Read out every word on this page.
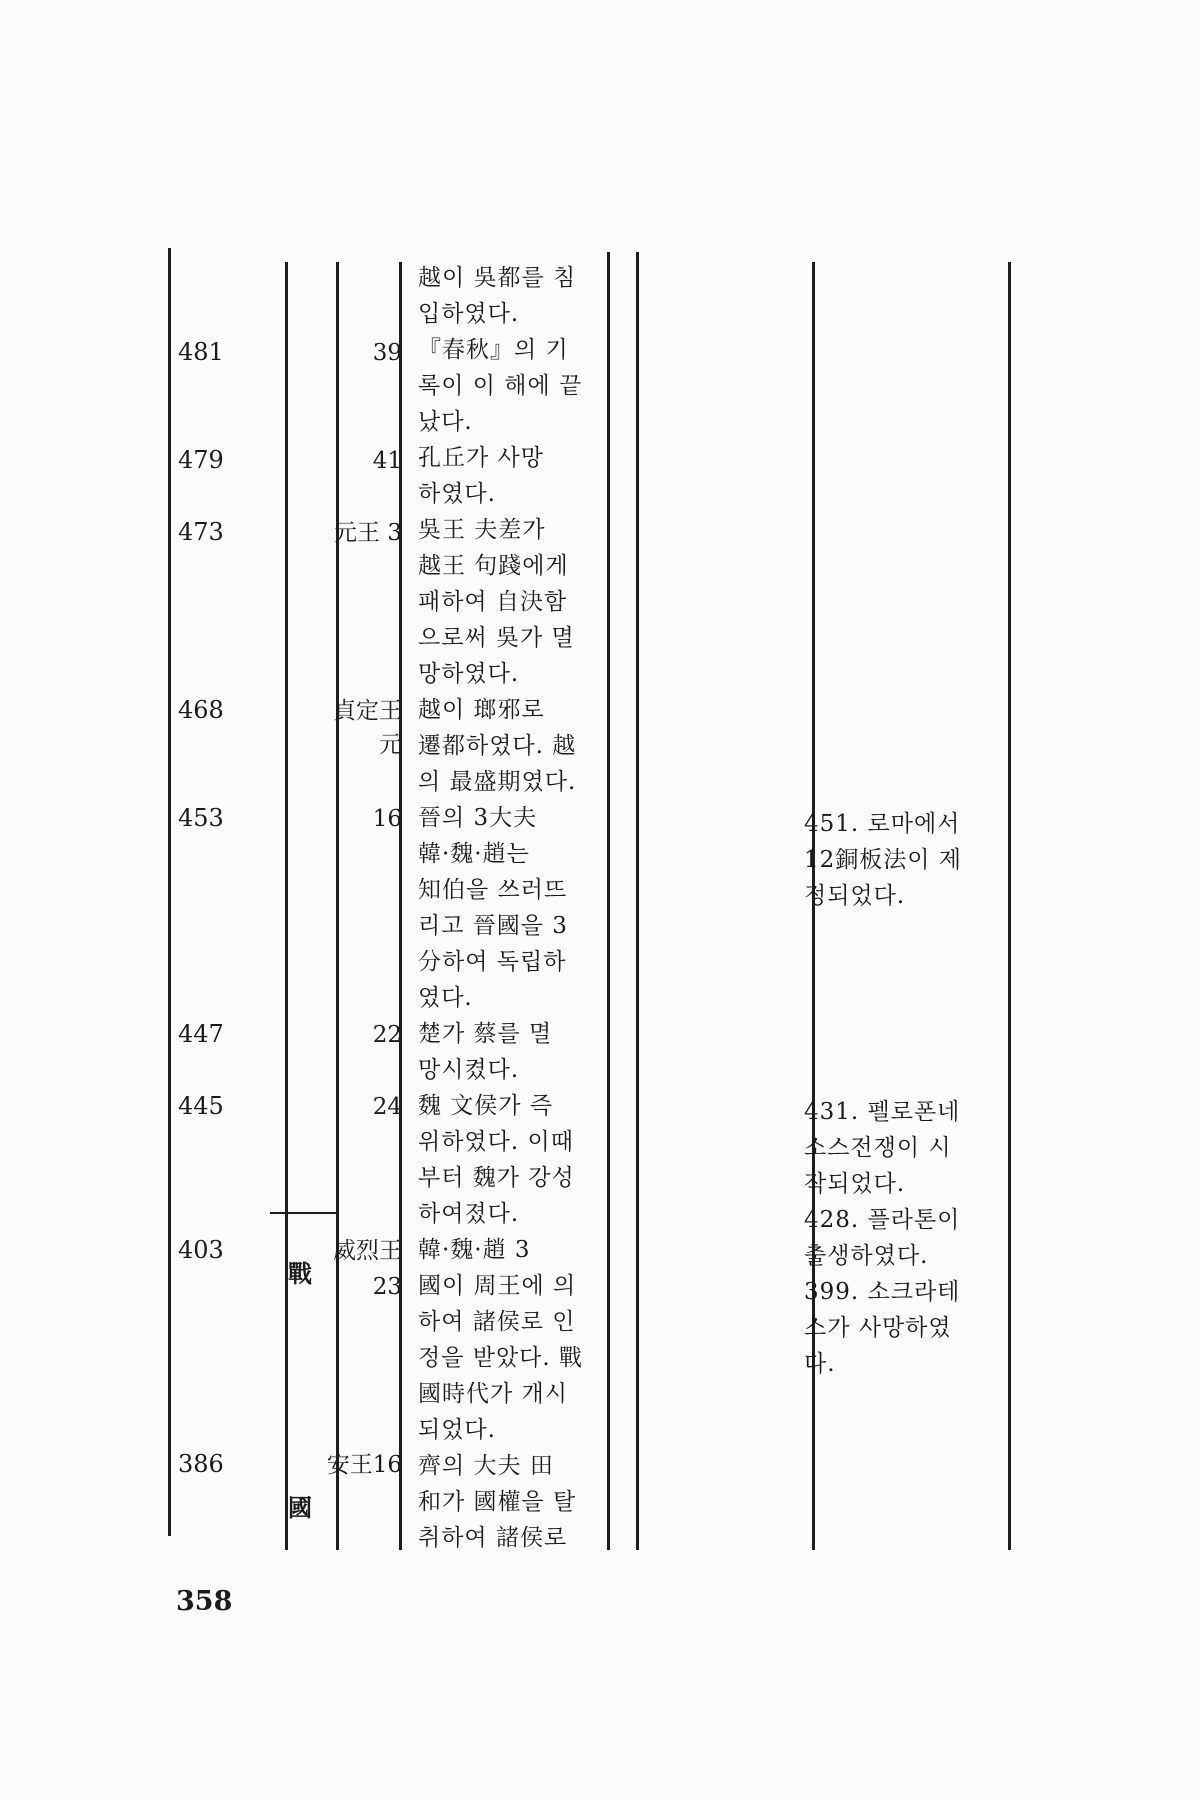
戰
國
481
479
473
468
453
447
445
403
386
39
41
元王 3
貞定王
元
16
22
24
威烈王
23
安王16
越이 吳都를 침
입하였다.
『春秋』의 기
록이 이 해에 끝
났다.
孔丘가 사망
하였다.
吳王 夫差가
越王 句踐에게
패하여 自決함
으로써 吳가 멸
망하였다.
越이 瑯邪로
遷都하였다. 越
의 最盛期였다.
晉의 3大夫
韓·魏·趙는
知伯을 쓰러뜨
리고 晉國을 3
分하여 독립하
였다.
楚가 蔡를 멸
망시켰다.
魏 文侯가 즉
위하였다. 이때
부터 魏가 강성
하여졌다.
韓·魏·趙 3
國이 周王에 의
하여 諸侯로 인
정을 받았다. 戰
國時代가 개시
되었다.
齊의 大夫 田
和가 國權을 탈
취하여 諸侯로
451. 로마에서
12銅板法이 제
정되었다.
431. 펠로폰네
소스전쟁이 시
작되었다.
428. 플라톤이
출생하였다.
399. 소크라테
스가 사망하였
다.
358
